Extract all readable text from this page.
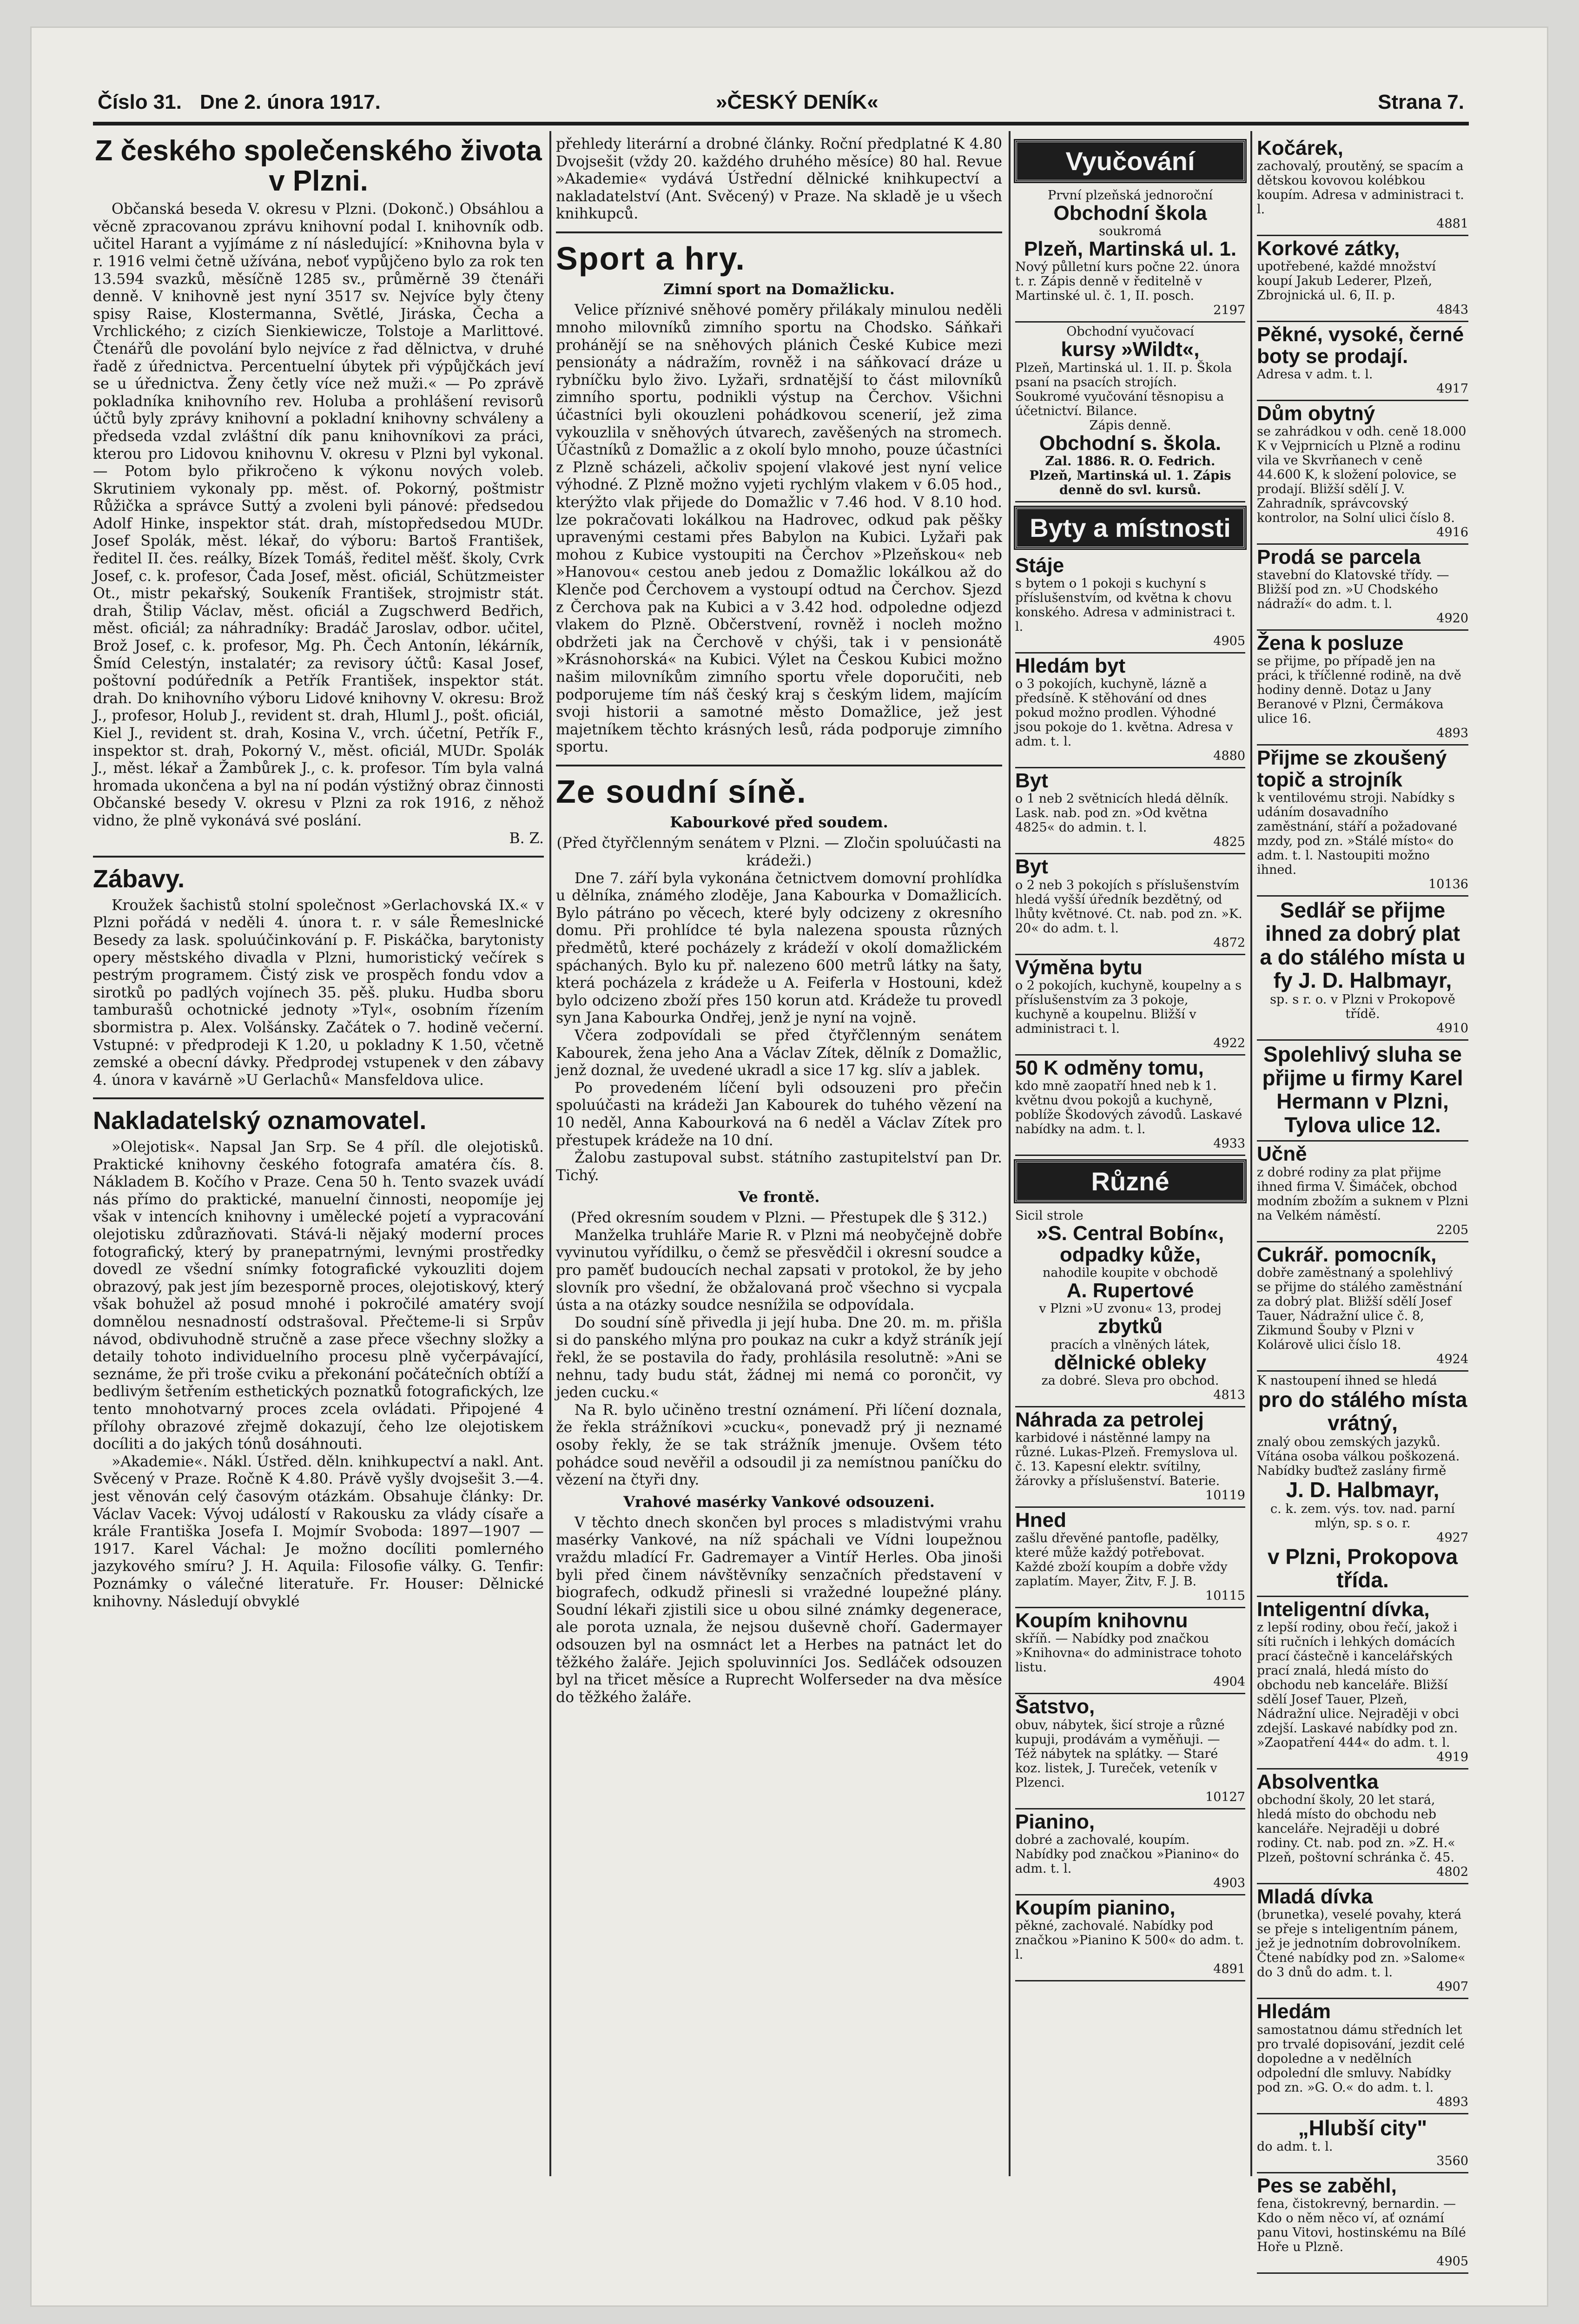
Číslo 31. Dne 2. února 1917.	»ČESKÝ DENÍK«	Strana 7.
Z českého společenského života v Plzni.

Občanská beseda V. okresu v Plzni. (Dokonč.) Obsáhlou a věcně zpracovanou zprávu knihovní podal I. knihovník odb. učitel Harant a vyjímáme z ní následující: »Knihovna byla v r. 1916 velmi četně užívána, neboť vypůjčeno bylo za rok ten 13.594 svazků, měsíčně 1285 sv., průměrně 39 čtenáři denně. V knihovně jest nyní 3517 sv. Nejvíce byly čteny spisy Raise, Klostermanna, Světlé, Jiráska, Čecha a Vrchlického; z cizích Sienkiewicze, Tolstoje a Marlittové. Čtenářů dle povolání bylo nejvíce z řad dělnictva, v druhé řadě z úřednictva. Percentuelní úbytek při výpůjčkách jeví se u úřednictva. Ženy četly více než muži.« — Po zprávě pokladníka knihovního rev. Holuba a prohlášení revisorů účtů byly zprávy knihovní a pokladní knihovny schváleny a předseda vzdal zvláštní dík panu knihovníkovi za práci, kterou pro Lidovou knihovnu V. okresu v Plzni byl vykonal. — Potom bylo přikročeno k výkonu nových voleb. Skrutiniem vykonaly pp. měst. of. Pokorný, poštmistr Růžička a správce Suttý a zvoleni byli pánové: předsedou Adolf Hinke, inspektor stát. drah, místopředsedou MUDr. Josef Spolák, měst. lékař, do výboru: Bartoš František, ředitel II. čes. reálky, Bízek Tomáš, ředitel měšť. školy, Cvrk Josef, c. k. profesor, Čada Josef, měst. oficiál, Schützmeister Ot., mistr pekařský, Soukeník František, strojmistr stát. drah, Štilip Václav, měst. oficiál a Zugschwerd Bedřich, měst. oficiál; za náhradníky: Bradáč Jaroslav, odbor. učitel, Brož Josef, c. k. profesor, Mg. Ph. Čech Antonín, lékárník, Šmíd Celestýn, instalatér; za revisory účtů: Kasal Josef, poštovní podúředník a Petřík František, inspektor stát. drah. Do knihovního výboru Lidové knihovny V. okresu: Brož J., profesor, Holub J., revident st. drah, Hluml J., pošt. oficiál, Kiel J., revident st. drah, Kosina V., vrch. účetní, Petřík F., inspektor st. drah, Pokorný V., měst. oficiál, MUDr. Spolák J., měst. lékař a Žambůrek J., c. k. profesor. Tím byla valná hromada ukončena a byl na ní podán výstižný obraz činnosti Občanské besedy V. okresu v Plzni za rok 1916, z něhož vidno, že plně vykonává své poslání.

B. Z.

Zábavy.

Kroužek šachistů stolní společnost »Gerlachovská IX.« v Plzni pořádá v neděli 4. února t. r. v sále Řemeslnické Besedy za lask. spoluúčinkování p. F. Piskáčka, barytonisty opery městského divadla v Plzni, humoristický večírek s pestrým programem. Čistý zisk ve prospěch fondu vdov a sirotků po padlých vojínech 35. pěš. pluku. Hudba sboru tamburašů ochotnické jednoty »Tyl«, osobním řízením sbormistra p. Alex. Volšánsky. Začátek o 7. hodině večerní. Vstupné: v předprodeji K 1.20, u pokladny K 1.50, včetně zemské a obecní dávky. Předprodej vstupenek v den zábavy 4. února v kavárně »U Gerlachů« Mansfeldova ulice.

Nakladatelský oznamovatel.

»Olejotisk«. Napsal Jan Srp. Se 4 příl. dle olejotisků. Praktické knihovny českého fotografa amatéra čís. 8. Nákladem B. Kočího v Praze. Cena 50 h. Tento svazek uvádí nás přímo do praktické, manuelní činnosti, neopomíje jej však v intencích knihovny i umělecké pojetí a vypracování olejotisku zdůrazňovati. Stává-li nějaký moderní proces fotografický, který by pranepatrnými, levnými prostředky dovedl ze všední snímky fotografické vykouzliti dojem obrazový, pak jest jím bezesporně proces, olejotiskový, který však bohužel až posud mnohé i pokročilé amatéry svojí domnělou nesnadností odstrašoval. Přečteme-li si Srpův návod, obdivuhodně stručně a zase přece všechny složky a detaily tohoto individuelního procesu plně vyčerpávající, seznáme, že při troše cviku a překonání počátečních obtíží a bedlivým šetřením esthetických poznatků fotografických, lze tento mnohotvarný proces zcela ovládati. Připojené 4 přílohy obrazové zřejmě dokazují, čeho lze olejotiskem docíliti a do jakých tónů dosáhnouti.

»Akademie«. Nákl. Ústřed. děln. knihkupectví a nakl. Ant. Svěcený v Praze. Ročně K 4.80. Právě vyšly dvojsešit 3.—4. jest věnován celý časovým otázkám. Obsahuje články: Dr. Václav Vacek: Vývoj událostí v Rakousku za vlády císaře a krále Františka Josefa I. Mojmír Svoboda: 1897—1907 —1917. Karel Váchal: Je možno docíliti pomlerného jazykového smíru? J. H. Aquila: Filosofie války. G. Tenfir: Poznámky o válečné literatuře. Fr. Houser: Dělnické knihovny. Následují obvyklé

přehledy literární a drobné články. Roční předplatné K 4.80 Dvojsešit (vždy 20. každého druhého měsíce) 80 hal. Revue »Akademie« vydává Ústřední dělnické knihkupectví a nakladatelství (Ant. Svěcený) v Praze. Na skladě je u všech knihkupců.

Sport a hry.
Zimní sport na Domažlicku.

Velice příznivé sněhové poměry přilákaly minulou neděli mnoho milovníků zimního sportu na Chodsko. Sáňkaři prohánějí se na sněhových plánich České Kubice mezi pensionáty a nádražím, rovněž i na sáňkovací dráze u rybníčku bylo živo. Lyžaři, srdnatější to část milovníků zimního sportu, podnikli výstup na Čerchov. Všichni účastníci byli okouzleni pohádkovou scenerií, jež zima vykouzlila v sněhových útvarech, zavěšených na stromech. Účastníků z Domažlic a z okolí bylo mnoho, pouze účastníci z Plzně scházeli, ačkoliv spojení vlakové jest nyní velice výhodné. Z Plzně možno vyjeti rychlým vlakem v 6.05 hod., kterýžto vlak přijede do Domažlic v 7.46 hod. V 8.10 hod. lze pokračovati lokálkou na Hadrovec, odkud pak pěšky upravenými cestami přes Babylon na Kubici. Lyžaři pak mohou z Kubice vystoupiti na Čerchov »Plzeňskou« neb »Hanovou« cestou aneb jedou z Domažlic lokálkou až do Klenče pod Čerchovem a vystoupí odtud na Čerchov. Sjezd z Čerchova pak na Kubici a v 3.42 hod. odpoledne odjezd vlakem do Plzně. Občerstvení, rovněž i nocleh možno obdržeti jak na Čerchově v chýši, tak i v pensionátě »Krásnohorská« na Kubici. Výlet na Českou Kubici možno našim milovníkům zimního sportu vřele doporučiti, neb podporujeme tím náš český kraj s českým lidem, majícím svoji historii a samotné město Domažlice, jež jest majetníkem těchto krásných lesů, ráda podporuje zimního sportu.

Ze soudní síně.
Kabourkové před soudem.

(Před čtyřčlenným senátem v Plzni. — Zločin spoluúčasti na krádeži.)

Dne 7. září byla vykonána četnictvem domovní prohlídka u dělníka, známého zloděje, Jana Kabourka v Domažlicích. Bylo pátráno po věcech, které byly odcizeny z okresního domu. Při prohlídce té byla nalezena spousta různých předmětů, které pocházely z krádeží v okolí domažlickém spáchaných. Bylo ku př. nalezeno 600 metrů látky na šaty, která pocházela z krádeže u A. Feiferla v Hostouni, kdež bylo odcizeno zboží přes 150 korun atd. Krádeže tu provedl syn Jana Kabourka Ondřej, jenž je nyní na vojně.

Včera zodpovídali se před čtyřčlenným senátem Kabourek, žena jeho Ana a Václav Zítek, dělník z Domažlic, jenž doznal, že uvedené ukradl a sice 17 kg. slív a jablek.

Po provedeném líčení byli odsouzeni pro přečin spoluúčasti na krádeži Jan Kabourek do tuhého vězení na 10 neděl, Anna Kabourková na 6 neděl a Václav Zítek pro přestupek krádeže na 10 dní.

Žalobu zastupoval subst. státního zastupitelství pan Dr. Tichý.

Ve frontě.

(Před okresním soudem v Plzni. — Přestupek dle § 312.)

Manželka truhláře Marie R. v Plzni má neobyčejně dobře vyvinutou vyřídilku, o čemž se přesvědčil i okresní soudce a pro paměť budoucích nechal zapsati v protokol, že by jeho slovník pro všední, že obžalovaná proč všechno si vycpala ústa a na otázky soudce nesnížila se odpovídala.

Do soudní síně přivedla ji její huba. Dne 20. m. m. přišla si do panského mlýna pro poukaz na cukr a když stráník její řekl, že se postavila do řady, prohlásila resolutně: »Ani se nehnu, tady budu stát, žádnej mi nemá co porončit, vy jeden cucku.«

Na R. bylo učiněno trestní oznámení. Při líčení doznala, že řekla strážníkovi »cucku«, ponevadž prý ji neznamé osoby řekly, že se tak strážník jmenuje. Ovšem této pohádce soud nevěřil a odsoudil ji za nemístnou paníčku do vězení na čtyři dny.

Vrahové masérky Vankové odsouzeni.

V těchto dnech skončen byl proces s mladistvými vrahu masérky Vankové, na níž spáchali ve Vídni loupežnou vraždu mladící Fr. Gadremayer a Vintíř Herles. Oba jinoši byli před činem návštěvníky senzačních představení v biografech, odkudž přinesli si vražedné loupežné plány. Soudní lékaři zjistili sice u obou silné známky degenerace, ale porota uznala, že nejsou duševně choří. Gadermayer odsouzen byl na osmnáct let a Herbes na patnáct let do těžkého žaláře. Jejich spoluvinníci Jos. Sedláček odsouzen byl na třicet měsíce a Ruprecht Wolferseder na dva měsíce do těžkého žaláře.

Vyučování
První plzeňská jednoroční
Obchodní škola
soukromá
Plzeň, Martinská ul. 1.
Nový půlletní kurs počne 22. února t. r. Zápis denně v ředitelně v Martinské ul. č. 1, II. posch.
2197
Obchodní vyučovací
kursy »Wildt«,
Plzeň, Martinská ul. 1. II. p. Škola psaní na psacích strojích. Soukromé vyučování těsnopisu a účetnictví. Bilance.
Zápis denně.
Obchodní s. škola.
Zal. 1886. R. O. Fedrich.
Plzeň, Martinská ul. 1. Zápis denně do svl. kursů.
Byty a místnosti
Stáje
s bytem o 1 pokoji s kuchyní s příslušenstvím, od května k chovu konského. Adresa v administraci t. l.
4905
Hledám byt
o 3 pokojích, kuchyně, lázně a předsíně. K stěhování od dnes pokud možno prodlen. Výhodné jsou pokoje do 1. května. Adresa v adm. t. l.
4880
Byt
o 1 neb 2 světnicích hledá dělník. Lask. nab. pod zn. »Od května 4825« do admin. t. l.
4825
Byt
o 2 neb 3 pokojích s příslušenstvím hledá vyšší úředník bezdětný, od lhůty květnové. Ct. nab. pod zn. »K. 20« do adm. t. l.
4872
Výměna bytu
o 2 pokojích, kuchyně, koupelny a s příslušenstvím za 3 pokoje, kuchyně a koupelnu. Bližší v administraci t. l.
4922
50 K odměny tomu,
kdo mně zaopatří hned neb k 1. květnu dvou pokojů a kuchyně, poblíže Škodových závodů. Laskavé nabídky na adm. t. l.
4933
Různé
Sicil strole
»S. Central Bobín«,
odpadky kůže,
nahodile koupite v obchodě
A. Rupertové
v Plzni »U zvonu« 13, prodej
zbytků
pracích a vlněných látek,
dělnické obleky
za dobré. Sleva pro obchod.
4813
Náhrada za petrolej
karbidové i nástěnné lampy na různé. Lukas-Plzeň. Fremyslova ul. č. 13. Kapesní elektr. svítilny, žárovky a příslušenství. Baterie.
10119
Hned
zašlu dřevěné pantofle, padělky, které může každý potřebovat. Každé zboží koupím a dobře vždy zaplatím. Mayer, Žitv, F. J. B.
10115
Koupím knihovnu
skříň. — Nabídky pod značkou »Knihovna« do administrace tohoto listu.
4904
Šatstvo,
obuv, nábytek, šicí stroje a různé kupuji, prodávám a vyměňuji. — Též nábytek na splátky. — Staré koz. listek, J. Tureček, veteník v Plzenci.
10127
Pianino,
dobré a zachovalé, koupím. Nabídky pod značkou »Pianino« do adm. t. l.
4903
Koupím pianino,
pěkné, zachovalé. Nabídky pod značkou »Pianino K 500« do adm. t. l.
4891
Kočárek,
zachovalý, proutěný, se spacím a dětskou kovovou kolébkou koupím. Adresa v administraci t. l.
4881
Korkové zátky,
upotřebené, každé množství koupí Jakub Lederer, Plzeň, Zbrojnická ul. 6, II. p.
4843
Pěkné, vysoké, černé boty se prodají.
Adresa v adm. t. l.
4917
Dům obytný
se zahrádkou v odh. ceně 18.000 K v Vejprnicích u Plzně a rodinu vila ve Skvrňanech v ceně 44.600 K, k složení polovice, se prodají. Bližší sdělí J. V. Zahradník, správcovský kontrolor, na Solní ulici číslo 8.
4916
Prodá se parcela
stavební do Klatovské třídy. — Bližší pod zn. »U Chodského nádraží« do adm. t. l.
4920
Žena k posluze
se přijme, po případě jen na práci, k tříčlenné rodině, na dvě hodiny denně. Dotaz u Jany Beranové v Plzni, Čermákova ulice 16.
4893
Přijme se zkoušený topič a strojník
k ventilovému stroji. Nabídky s udáním dosavadního zaměstnání, stáří a požadované mzdy, pod zn. »Stálé místo« do adm. t. l. Nastoupiti možno ihned.
10136
Sedlář se přijme ihned za dobrý plat a do stálého místa u fy J. D. Halbmayr,
sp. s r. o. v Plzni v Prokopově třídě.
4910
Spolehlivý sluha se přijme u firmy Karel Hermann v Plzni, Tylova ulice 12.
Učně
z dobré rodiny za plat přijme ihned firma V. Šimáček, obchod modním zbožím a suknem v Plzni na Velkém náměstí.
2205
Cukrář. pomocník,
dobře zaměstnaný a spolehlivý se přijme do stálého zaměstnání za dobrý plat. Bližší sdělí Josef Tauer, Nádražní ulice č. 8, Zikmund Šouby v Plzni v Kolárově ulici číslo 18.
4924
K nastoupení ihned se hledá
pro do stálého místa vrátný,
znalý obou zemských jazyků. Vítána osoba válkou poškozená. Nabídky buďtež zaslány firmě
J. D. Halbmayr,
c. k. zem. výs. tov. nad. parní mlýn, sp. s o. r.
4927
v Plzni, Prokopova třída.
Inteligentní dívka,
z lepší rodiny, obou řečí, jakož i síti ručních i lehkých domácích prací částečně i kancelářských prací znalá, hledá místo do obchodu neb kanceláře. Bližší sdělí Josef Tauer, Plzeň, Nádražní ulice. Nejraději v obci zdejší. Laskavé nabídky pod zn. »Zaopatření 444« do adm. t. l.
4919
Absolventka
obchodní školy, 20 let stará, hledá místo do obchodu neb kanceláře. Nejraději u dobré rodiny. Ct. nab. pod zn. »Z. H.« Plzeň, poštovní schránka č. 45.
4802
Mladá dívka
(brunetka), veselé povahy, která se přeje s inteligentním pánem, jež je jednotním dobrovolníkem. Čtené nabídky pod zn. »Salome« do 3 dnů do adm. t. l.
4907
Hledám
samostatnou dámu středních let pro trvalé dopisování, jezdit celé dopoledne a v nedělních odpolední dle smluvy. Nabídky pod zn. »G. O.« do adm. t. l.
4893
„Hlubší city"
do adm. t. l.
3560
Pes se zaběhl,
fena, čistokrevný, bernardin. — Kdo o něm něco ví, ať oznámí panu Vitovi, hostinskému na Bílé Hoře u Plzně.
4905
